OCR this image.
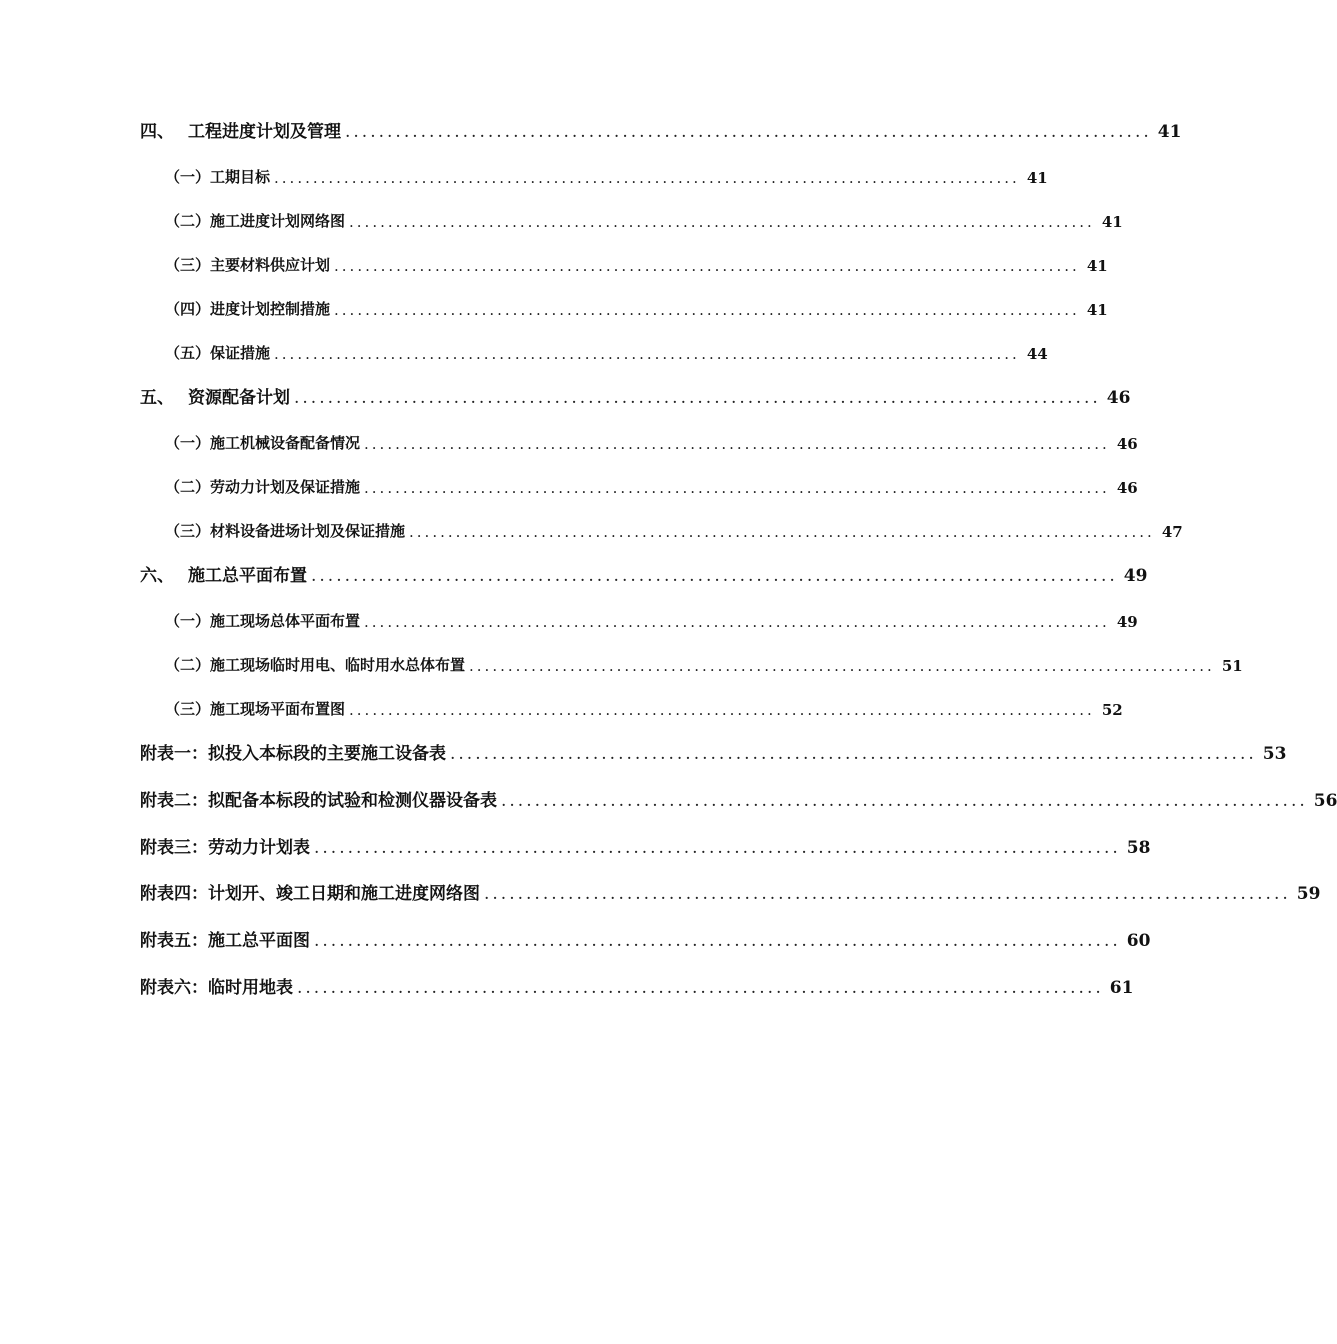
四、 工程进度计划及管理 ................................................................................................ 41
（一）工期目标 ................................................................................................ 41
（二）施工进度计划网络图 ................................................................................................ 41
（三）主要材料供应计划 ................................................................................................ 41
（四）进度计划控制措施 ................................................................................................ 41
（五）保证措施 ................................................................................................ 44
五、 资源配备计划 ................................................................................................ 46
（一）施工机械设备配备情况 ................................................................................................ 46
（二）劳动力计划及保证措施 ................................................................................................ 46
（三）材料设备进场计划及保证措施 ................................................................................................ 47
六、 施工总平面布置 ................................................................................................ 49
（一）施工现场总体平面布置 ................................................................................................ 49
（二）施工现场临时用电、临时用水总体布置 ................................................................................................ 51
（三）施工现场平面布置图 ................................................................................................ 52
附表一：拟投入本标段的主要施工设备表 ................................................................................................ 53
附表二：拟配备本标段的试验和检测仪器设备表 ................................................................................................ 56
附表三：劳动力计划表 ................................................................................................ 58
附表四：计划开、竣工日期和施工进度网络图 ................................................................................................ 59
附表五：施工总平面图 ................................................................................................ 60
附表六：临时用地表 ................................................................................................ 61
